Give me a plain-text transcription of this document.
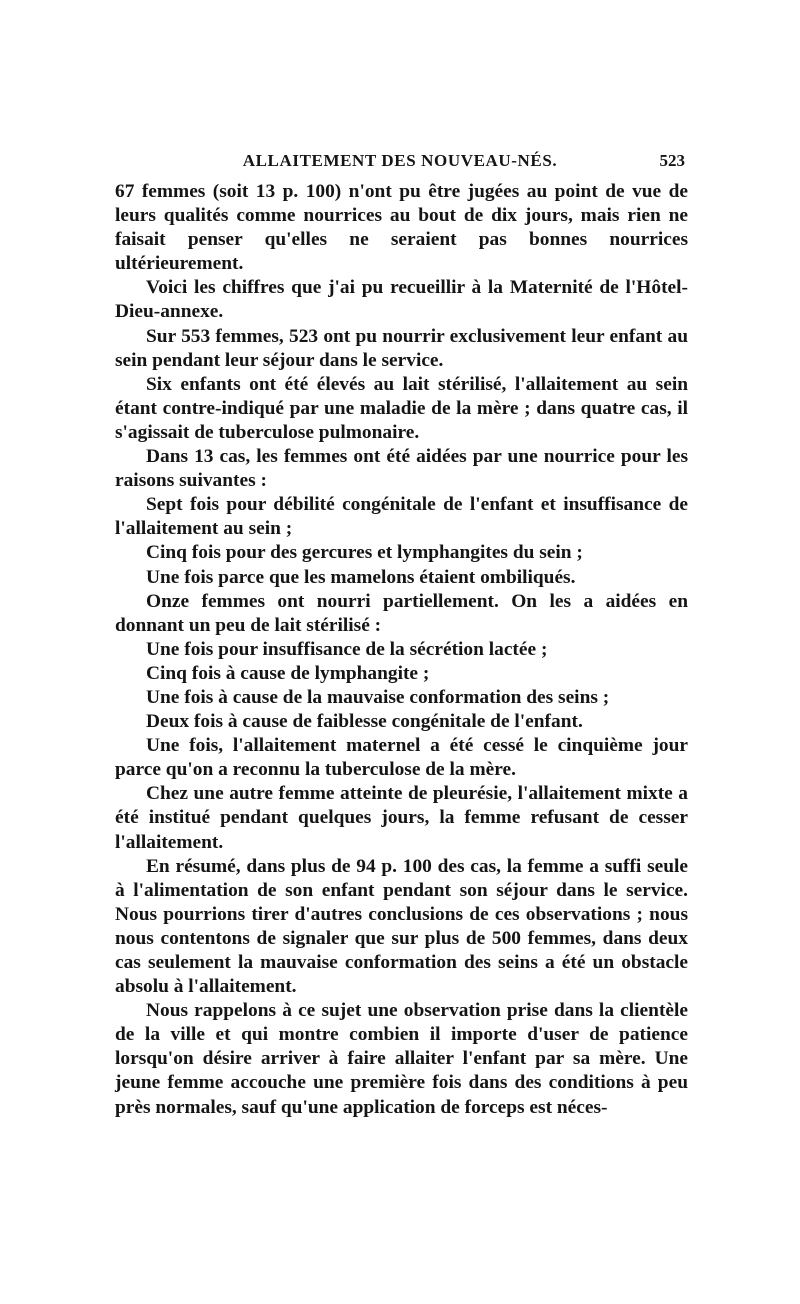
ALLAITEMENT DES NOUVEAU-NÉS.	523

67 femmes (soit 13 p. 100) n'ont pu être jugées au point de vue de leurs qualités comme nourrices au bout de dix jours, mais rien ne faisait penser qu'elles ne seraient pas bonnes nourrices ultérieurement.

Voici les chiffres que j'ai pu recueillir à la Maternité de l'Hôtel-Dieu-annexe.

Sur 553 femmes, 523 ont pu nourrir exclusivement leur enfant au sein pendant leur séjour dans le service.

Six enfants ont été élevés au lait stérilisé, l'allaitement au sein étant contre-indiqué par une maladie de la mère ; dans quatre cas, il s'agissait de tuberculose pulmonaire.

Dans 13 cas, les femmes ont été aidées par une nourrice pour les raisons suivantes :

Sept fois pour débilité congénitale de l'enfant et insuffisance de l'allaitement au sein ;

Cinq fois pour des gercures et lymphangites du sein ;

Une fois parce que les mamelons étaient ombiliqués.

Onze femmes ont nourri partiellement. On les a aidées en donnant un peu de lait stérilisé :

Une fois pour insuffisance de la sécrétion lactée ;

Cinq fois à cause de lymphangite ;

Une fois à cause de la mauvaise conformation des seins ;

Deux fois à cause de faiblesse congénitale de l'enfant.

Une fois, l'allaitement maternel a été cessé le cinquième jour parce qu'on a reconnu la tuberculose de la mère.

Chez une autre femme atteinte de pleurésie, l'allaitement mixte a été institué pendant quelques jours, la femme refusant de cesser l'allaitement.

En résumé, dans plus de 94 p. 100 des cas, la femme a suffi seule à l'alimentation de son enfant pendant son séjour dans le service. Nous pourrions tirer d'autres conclusions de ces observations ; nous nous contentons de signaler que sur plus de 500 femmes, dans deux cas seulement la mauvaise conformation des seins a été un obstacle absolu à l'allaitement.

Nous rappelons à ce sujet une observation prise dans la clientèle de la ville et qui montre combien il importe d'user de patience lorsqu'on désire arriver à faire allaiter l'enfant par sa mère. Une jeune femme accouche une première fois dans des conditions à peu près normales, sauf qu'une application de forceps est néces-
